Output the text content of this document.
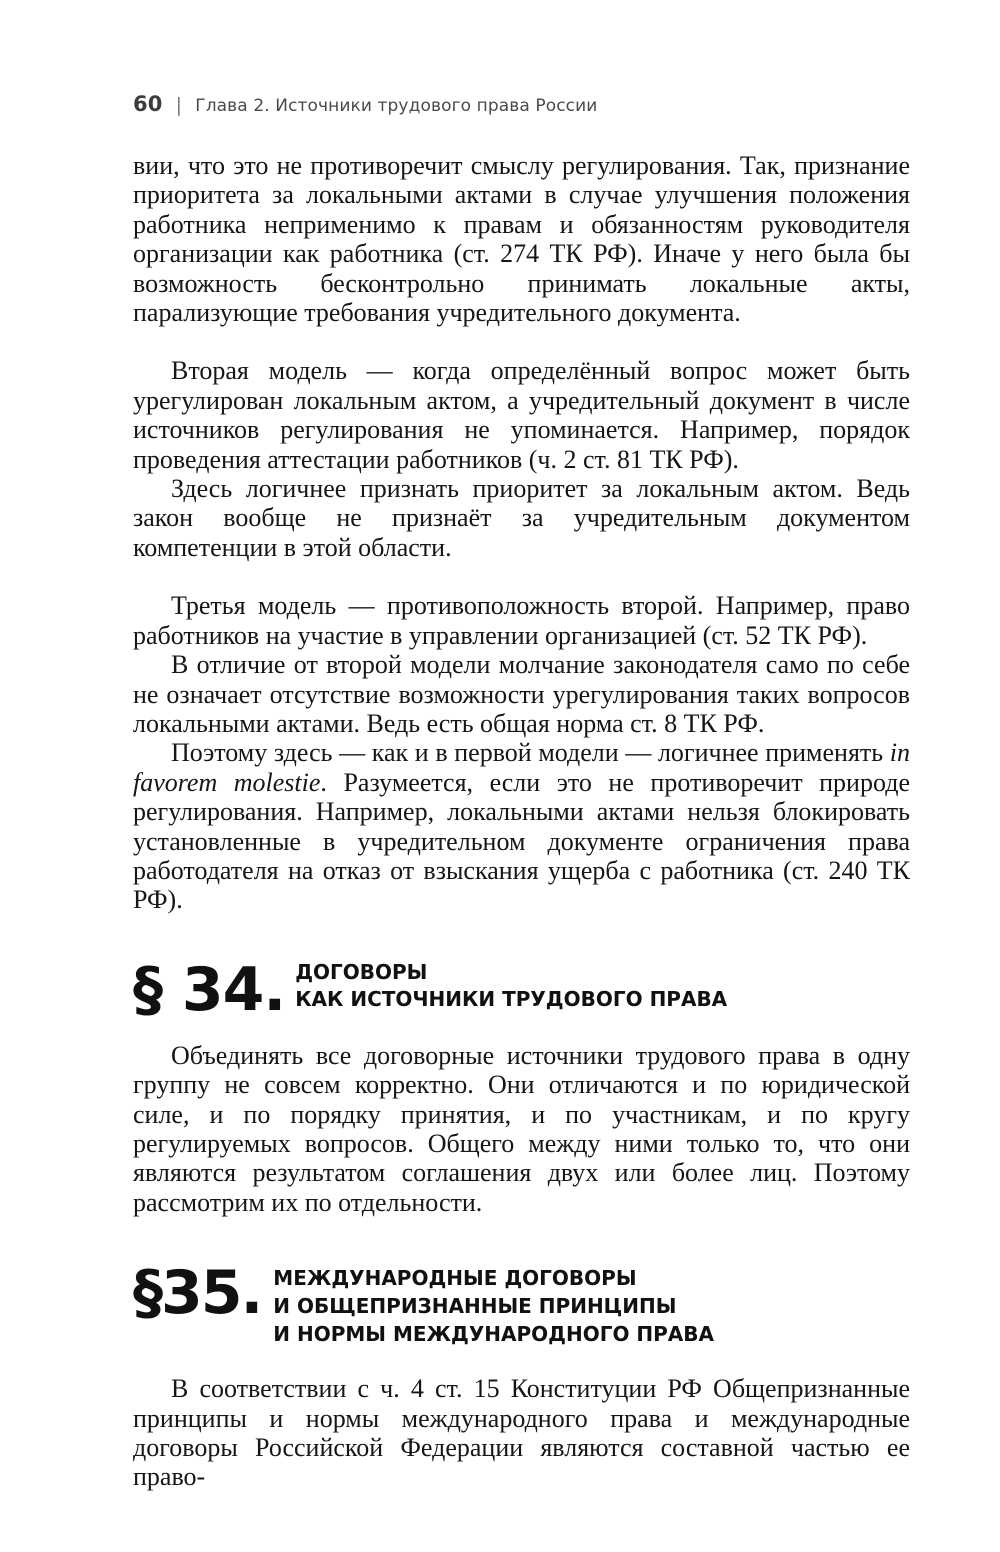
60 | Глава 2. Источники трудового права России

вии, что это не противоречит смыслу регулирования. Так, признание приоритета за локальными актами в случае улучшения положения работника неприменимо к правам и обязанностям руководителя организации как работника (ст. 274 ТК РФ). Иначе у него была бы возможность бесконтрольно принимать локальные акты, парализующие требования учредительного документа.

Вторая модель — когда определённый вопрос может быть урегулирован локальным актом, а учредительный документ в числе источников регулирования не упоминается. Например, порядок проведения аттестации работников (ч. 2 ст. 81 ТК РФ).

Здесь логичнее признать приоритет за локальным актом. Ведь закон вообще не признаёт за учредительным документом компетенции в этой области.

Третья модель — противоположность второй. Например, право работников на участие в управлении организацией (ст. 52 ТК РФ).

В отличие от второй модели молчание законодателя само по себе не означает отсутствие возможности урегулирования таких вопросов локальными актами. Ведь есть общая норма ст. 8 ТК РФ.

Поэтому здесь — как и в первой модели — логичнее применять in favorem molestie. Разумеется, если это не противоречит природе регулирования. Например, локальными актами нельзя блокировать установленные в учредительном документе ограничения права работодателя на отказ от взыскания ущерба с работника (ст. 240 ТК РФ).

§ 34. ДОГОВОРЫ
КАК ИСТОЧНИКИ ТРУДОВОГО ПРАВА

Объединять все договорные источники трудового права в одну группу не совсем корректно. Они отличаются и по юридической силе, и по порядку принятия, и по участникам, и по кругу регулируемых вопросов. Общего между ними только то, что они являются результатом соглашения двух или более лиц. Поэтому рассмотрим их по отдельности.

§35. МЕЖДУНАРОДНЫЕ ДОГОВОРЫ
И ОБЩЕПРИЗНАННЫЕ ПРИНЦИПЫ
И НОРМЫ МЕЖДУНАРОДНОГО ПРАВА

В соответствии с ч. 4 ст. 15 Конституции РФ Общепризнанные принципы и нормы международного права и международные договоры Российской Федерации являются составной частью ее право-
